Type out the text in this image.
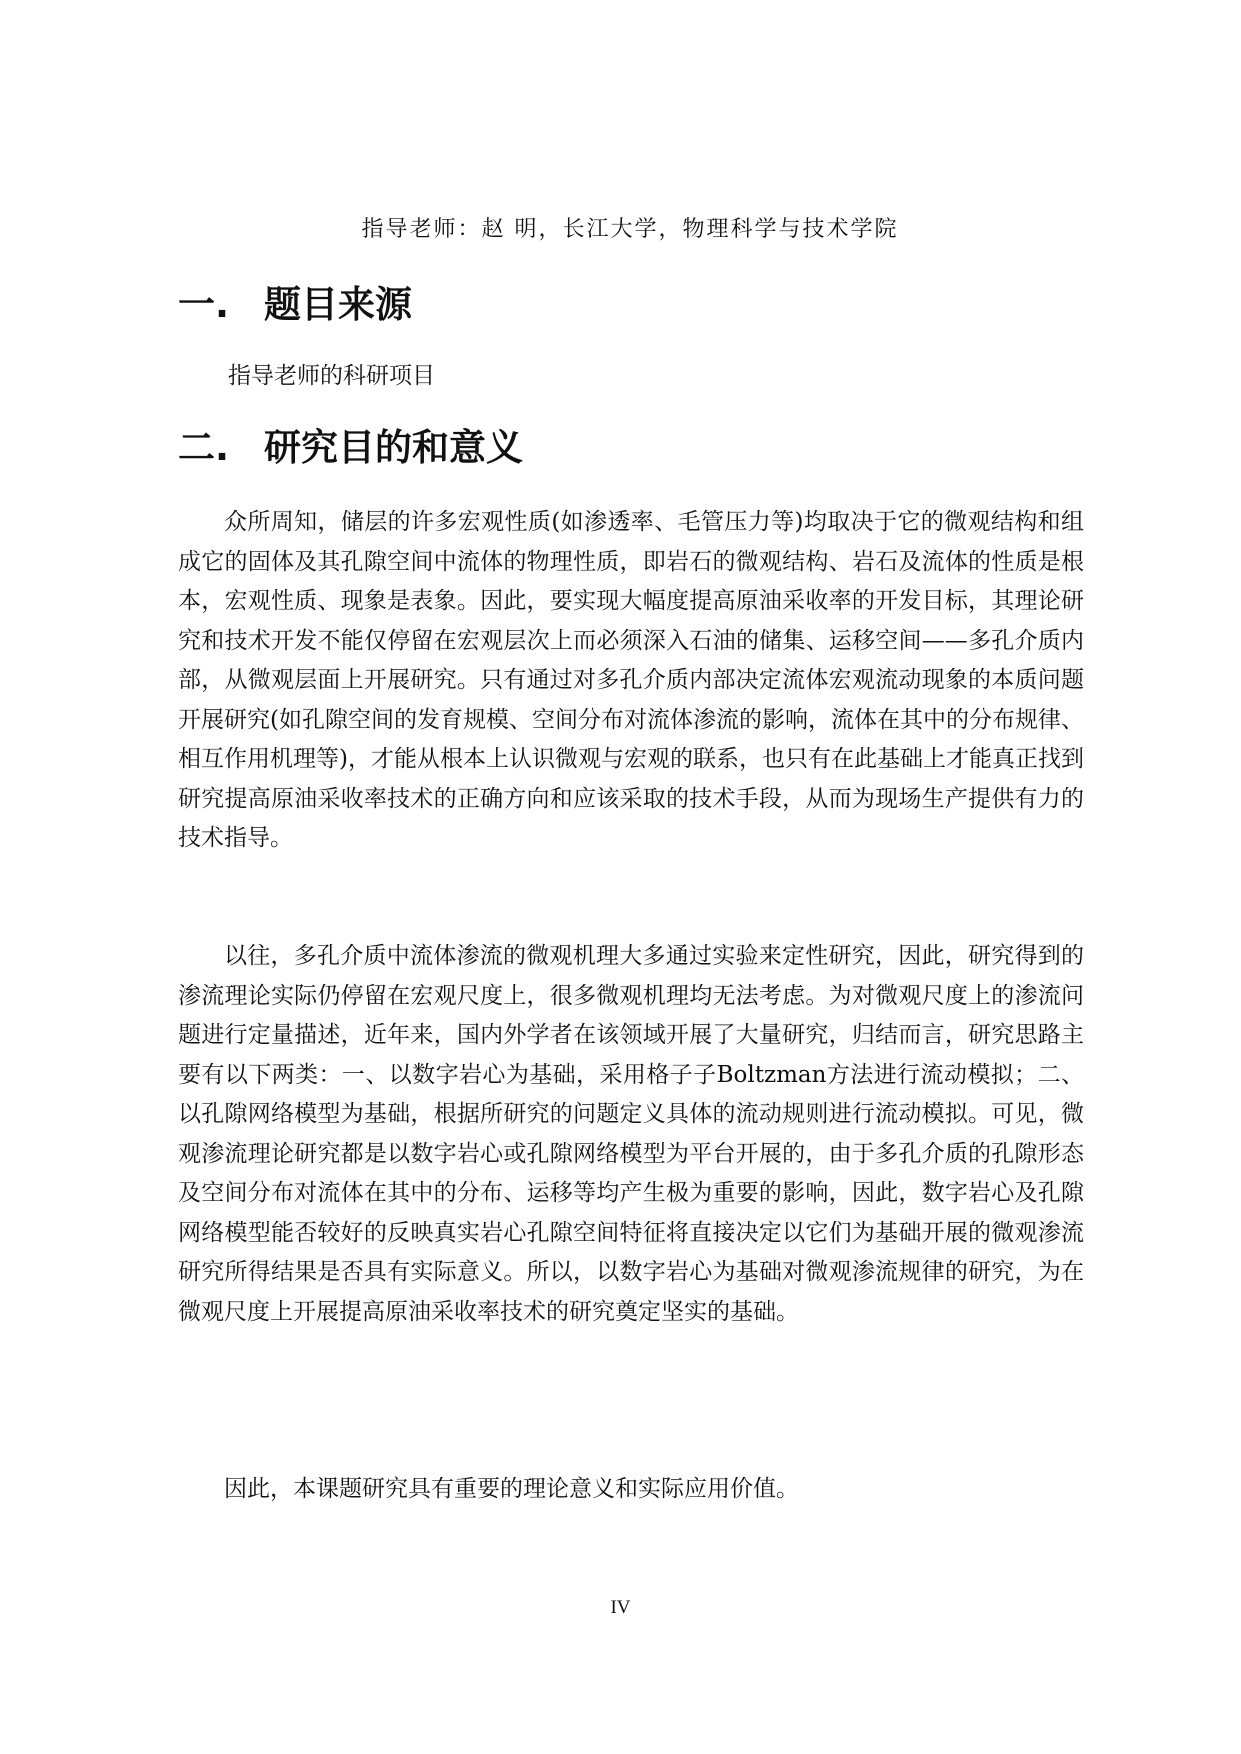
指导老师：赵 明，长江大学，物理科学与技术学院
一. 题目来源
指导老师的科研项目
二. 研究目的和意义

众所周知，储层的许多宏观性质(如渗透率、毛管压力等)均取决于它的微观结构和组成它的固体及其孔隙空间中流体的物理性质，即岩石的微观结构、岩石及流体的性质是根本，宏观性质、现象是表象。因此，要实现大幅度提高原油采收率的开发目标，其理论研究和技术开发不能仅停留在宏观层次上而必须深入石油的储集、运移空间——多孔介质内部，从微观层面上开展研究。只有通过对多孔介质内部决定流体宏观流动现象的本质问题开展研究(如孔隙空间的发育规模、空间分布对流体渗流的影响，流体在其中的分布规律、相互作用机理等)，才能从根本上认识微观与宏观的联系，也只有在此基础上才能真正找到研究提高原油采收率技术的正确方向和应该采取的技术手段，从而为现场生产提供有力的技术指导。

以往，多孔介质中流体渗流的微观机理大多通过实验来定性研究，因此，研究得到的渗流理论实际仍停留在宏观尺度上，很多微观机理均无法考虑。为对微观尺度上的渗流问题进行定量描述，近年来，国内外学者在该领域开展了大量研究，归结而言，研究思路主要有以下两类：一、以数字岩心为基础，采用格子子Boltzman方法进行流动模拟；二、以孔隙网络模型为基础，根据所研究的问题定义具体的流动规则进行流动模拟。可见，微观渗流理论研究都是以数字岩心或孔隙网络模型为平台开展的，由于多孔介质的孔隙形态及空间分布对流体在其中的分布、运移等均产生极为重要的影响，因此，数字岩心及孔隙网络模型能否较好的反映真实岩心孔隙空间特征将直接决定以它们为基础开展的微观渗流研究所得结果是否具有实际意义。所以，以数字岩心为基础对微观渗流规律的研究，为在微观尺度上开展提高原油采收率技术的研究奠定坚实的基础。

因此，本课题研究具有重要的理论意义和实际应用价值。

IV
